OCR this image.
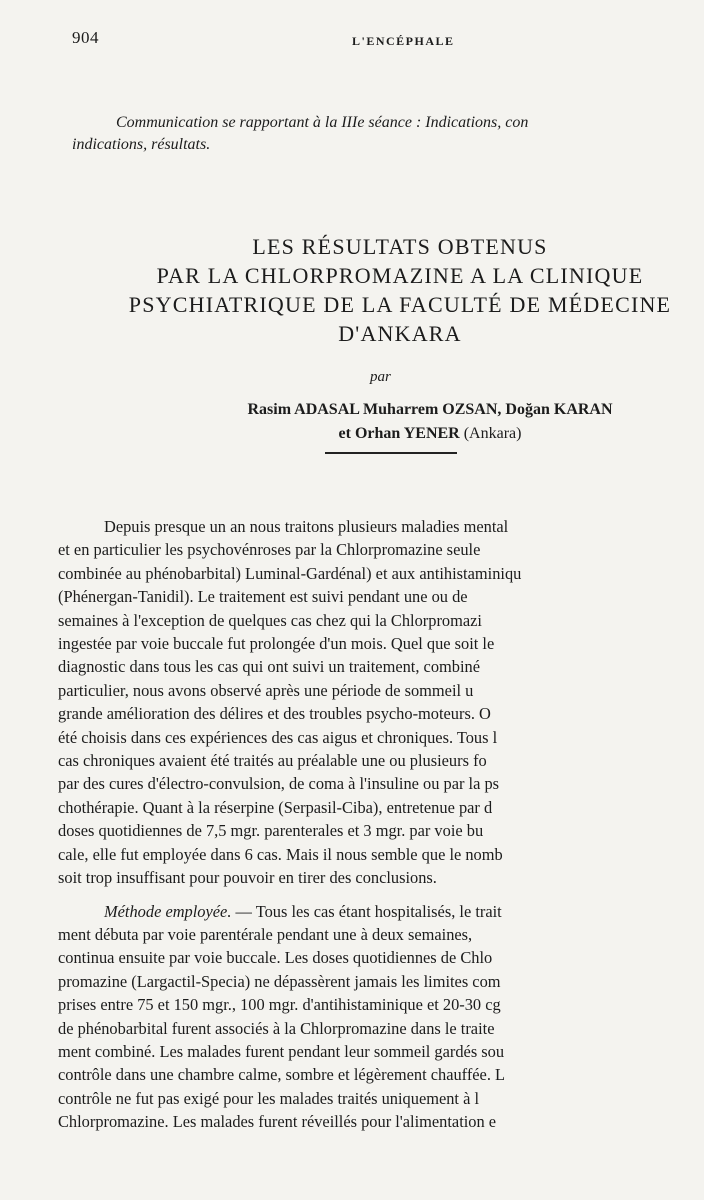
904	L'ENCÉPHALE
Communication se rapportant à la IIIe séance : Indications, con
indications, résultats.
LES RÉSULTATS OBTENUS
PAR LA CHLORPROMAZINE A LA CLINIQUE
PSYCHIATRIQUE DE LA FACULTÉ DE MÉDECINE
D'ANKARA
par
Rasim ADASAL Muharrem OZSAN, Doğan KARAN
et Orhan YENER (Ankara)
Depuis presque un an nous traitons plusieurs maladies mental
et en particulier les psychovénroses par la Chlorpromazine seule
combinée au phénobarbital) Luminal-Gardénal) et aux antihistaminiqu
(Phénergan-Tanidil). Le traitement est suivi pendant une ou de
semaines à l'exception de quelques cas chez qui la Chlorpromazi
ingestée par voie buccale fut prolongée d'un mois. Quel que soit le
diagnostic dans tous les cas qui ont suivi un traitement, combiné
particulier, nous avons observé après une période de sommeil u
grande amélioration des délires et des troubles psycho-moteurs. O
été choisis dans ces expériences des cas aigus et chroniques. Tous l
cas chroniques avaient été traités au préalable une ou plusieurs fo
par des cures d'électro-convulsion, de coma à l'insuline ou par la ps
chothérapie. Quant à la réserpine (Serpasil-Ciba), entretenue par d
doses quotidiennes de 7,5 mgr. parenterales et 3 mgr. par voie bu
cale, elle fut employée dans 6 cas. Mais il nous semble que le nomb
soit trop insuffisant pour pouvoir en tirer des conclusions.
Méthode employée. — Tous les cas étant hospitalisés, le trait
ment débuta par voie parentérale pendant une à deux semaines,
continua ensuite par voie buccale. Les doses quotidiennes de Chlo
promazine (Largactil-Specia) ne dépassèrent jamais les limites com
prises entre 75 et 150 mgr., 100 mgr. d'antihistaminique et 20-30 cg
de phénobarbital furent associés à la Chlorpromazine dans le traite
ment combiné. Les malades furent pendant leur sommeil gardés sou
contrôle dans une chambre calme, sombre et légèrement chauffée. L
contrôle ne fut pas exigé pour les malades traités uniquement à l
Chlorpromazine. Les malades furent réveillés pour l'alimentation e
